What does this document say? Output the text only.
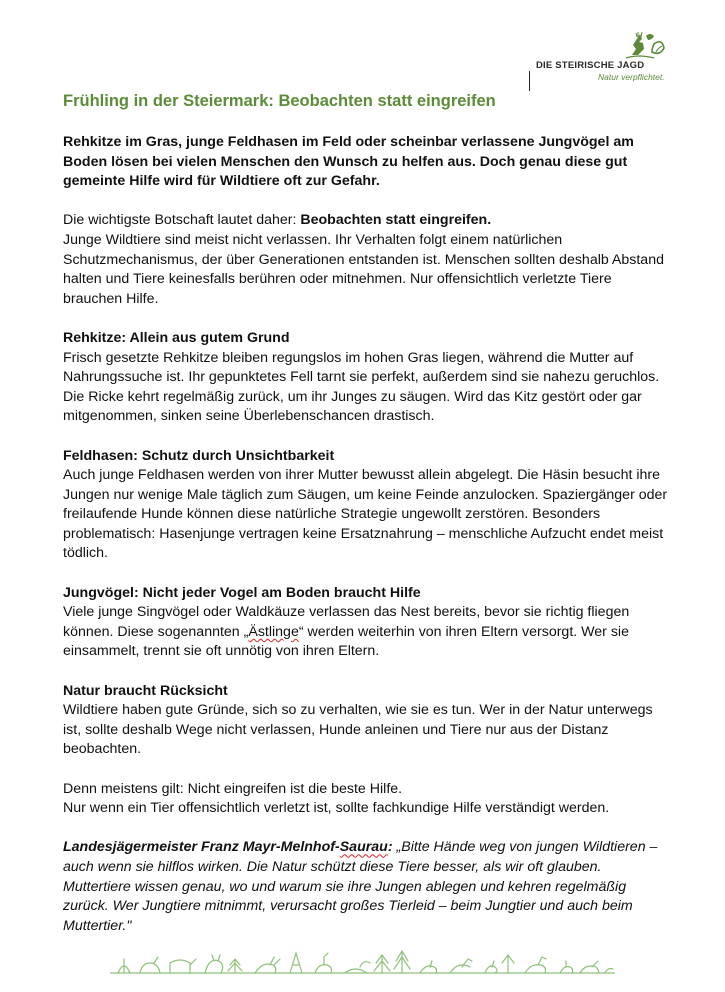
DIE STEIRISCHE JAGD
Natur verpflichtet.
Frühling in der Steiermark: Beobachten statt eingreifen

Rehkitze im Gras, junge Feldhasen im Feld oder scheinbar verlassene Jungvögel am Boden lösen bei vielen Menschen den Wunsch zu helfen aus. Doch genau diese gut gemeinte Hilfe wird für Wildtiere oft zur Gefahr.

Die wichtigste Botschaft lautet daher: Beobachten statt eingreifen.
Junge Wildtiere sind meist nicht verlassen. Ihr Verhalten folgt einem natürlichen Schutzmechanismus, der über Generationen entstanden ist. Menschen sollten deshalb Abstand halten und Tiere keinesfalls berühren oder mitnehmen. Nur offensichtlich verletzte Tiere brauchen Hilfe.

Rehkitze: Allein aus gutem Grund
Frisch gesetzte Rehkitze bleiben regungslos im hohen Gras liegen, während die Mutter auf Nahrungssuche ist. Ihr gepunktetes Fell tarnt sie perfekt, außerdem sind sie nahezu geruchlos. Die Ricke kehrt regelmäßig zurück, um ihr Junges zu säugen. Wird das Kitz gestört oder gar mitgenommen, sinken seine Überlebenschancen drastisch.

Feldhasen: Schutz durch Unsichtbarkeit
Auch junge Feldhasen werden von ihrer Mutter bewusst allein abgelegt. Die Häsin besucht ihre Jungen nur wenige Male täglich zum Säugen, um keine Feinde anzulocken. Spaziergänger oder freilaufende Hunde können diese natürliche Strategie ungewollt zerstören. Besonders problematisch: Hasenjunge vertragen keine Ersatznahrung – menschliche Aufzucht endet meist tödlich.

Jungvögel: Nicht jeder Vogel am Boden braucht Hilfe
Viele junge Singvögel oder Waldkäuze verlassen das Nest bereits, bevor sie richtig fliegen können. Diese sogenannten „Ästlinge“ werden weiterhin von ihren Eltern versorgt. Wer sie einsammelt, trennt sie oft unnötig von ihren Eltern.

Natur braucht Rücksicht
Wildtiere haben gute Gründe, sich so zu verhalten, wie sie es tun. Wer in der Natur unterwegs ist, sollte deshalb Wege nicht verlassen, Hunde anleinen und Tiere nur aus der Distanz beobachten.

Denn meistens gilt: Nicht eingreifen ist die beste Hilfe.
Nur wenn ein Tier offensichtlich verletzt ist, sollte fachkundige Hilfe verständigt werden.

Landesjägermeister Franz Mayr-Melnhof-Saurau: „Bitte Hände weg von jungen Wildtieren – auch wenn sie hilflos wirken. Die Natur schützt diese Tiere besser, als wir oft glauben. Muttertiere wissen genau, wo und warum sie ihre Jungen ablegen und kehren regelmäßig zurück. Wer Jungtiere mitnimmt, verursacht großes Tierleid – beim Jungtier und auch beim Muttertier."
